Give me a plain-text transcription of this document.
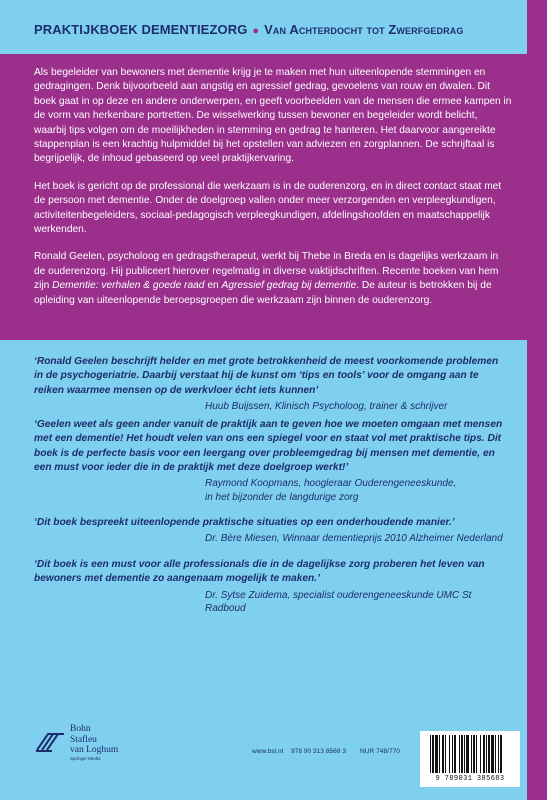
PRAKTIJKBOEK DEMENTIEZORG ● Van Achterdocht tot Zwerfgedrag

Als begeleider van bewoners met dementie krijg je te maken met hun uiteenlopende stemmingen en gedragingen. Denk bijvoorbeeld aan angstig en agressief gedrag, gevoelens van rouw en dwalen. Dit boek gaat in op deze en andere onderwerpen, en geeft voorbeelden van de mensen die ermee kampen in de vorm van herkenbare portretten. De wisselwerking tussen bewoner en begeleider wordt belicht, waarbij tips volgen om de moeilijkheden in stemming en gedrag te hanteren. Het daarvoor aangereikte stappenplan is een krachtig hulpmiddel bij het opstellen van adviezen en zorgplannen. De schrijftaal is begrijpelijk, de inhoud gebaseerd op veel praktijkervaring.

Het boek is gericht op de professional die werkzaam is in de ouderenzorg, en in direct contact staat met de persoon met dementie. Onder de doelgroep vallen onder meer verzorgenden en verpleegkundigen, activiteitenbegeleiders, sociaal-pedagogisch verpleegkundigen, afdelingshoofden en maatschappelijk werkenden.

Ronald Geelen, psycholoog en gedragstherapeut, werkt bij Thebe in Breda en is dagelijks werkzaam in de ouderenzorg. Hij publiceert hierover regelmatig in diverse vaktijdschriften. Recente boeken van hem zijn Dementie: verhalen & goede raad en Agressief gedrag bij dementie. De auteur is betrokken bij de opleiding van uiteenlopende beroepsgroepen die werkzaam zijn binnen de ouderenzorg.

‘Ronald Geelen beschrijft helder en met grote betrokkenheid de meest voorkomende problemen in de psychogeriatrie. Daarbij verstaat hij de kunst om ‘tips en tools’ voor de omgang aan te reiken waarmee mensen op de werkvloer écht iets kunnen’
Huub Buijssen, Klinisch Psycholoog, trainer & schrijver
‘Geelen weet als geen ander vanuit de praktijk aan te geven hoe we moeten omgaan met mensen met een dementie! Het houdt velen van ons een spiegel voor en staat vol met praktische tips. Dit boek is de perfecte basis voor een leergang over probleemgedrag bij mensen met dementie, en een must voor ieder die in de praktijk met deze doelgroep werkt!’
Raymond Koopmans, hoogleraar Ouderengeneeskunde,
in het bijzonder de langdurige zorg
‘Dit boek bespreekt uiteenlopende praktische situaties op een onderhoudende manier.’
Dr. Bère Miesen, Winnaar dementieprijs 2010 Alzheimer Nederland
‘Dit boek is een must voor alle professionals die in de dagelijkse zorg proberen het leven van bewoners met dementie zo aangenaam mogelijk te maken.’
Dr. Sytse Zuidema, specialist ouderengeneeskunde UMC St Radboud
Bohn
Stafleu
van Loghum
Springer Media
www.bsl.nl 978 90 313 8568 3 NUR 748/770
9 789031 385683
